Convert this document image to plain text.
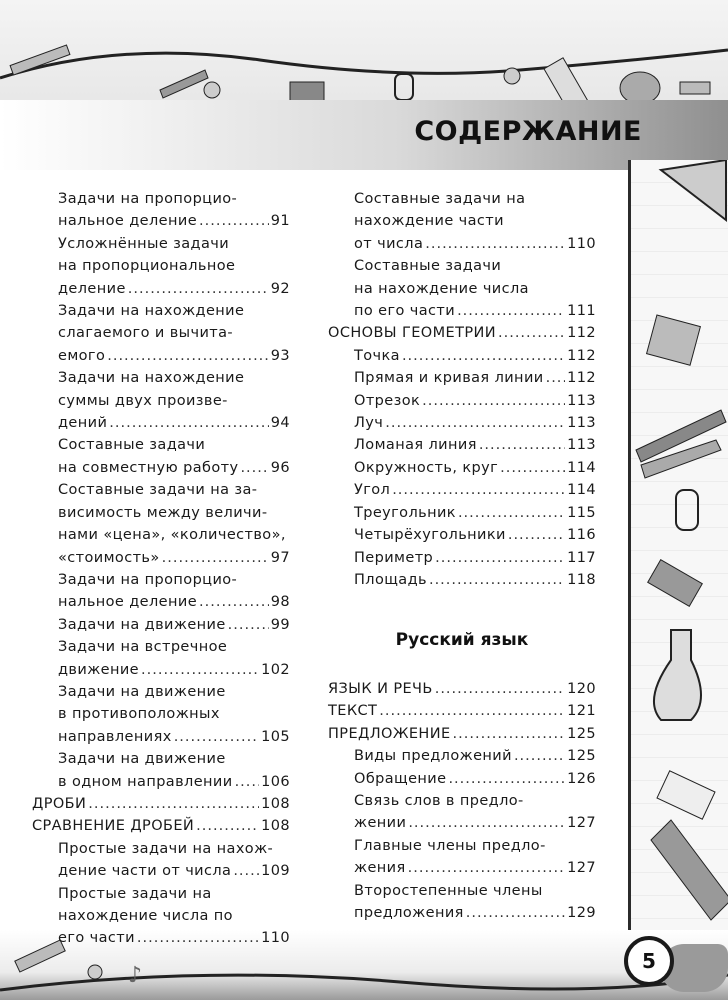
СОДЕРЖАНИЕ
♪
Задачи на пропорцио-
нальное деление .....	91
Усложнённые задачи
на пропорциональное
деление .....	92
Задачи на нахождение
слагаемого и вычита-
емого .....	93
Задачи на нахождение
суммы двух произве-
дений .....	94
Составные задачи
на совместную работу ..... 96
Составные задачи на за-
висимость между величи-
нами «цена», «количество»,
«стоимость» .....	97
Задачи на пропорцио-
нальное деление .....	98
Задачи на движение .....	99
Задачи на встречное
движение .....	102
Задачи на движение
в противоположных
направлениях .....	105
Задачи на движение
в одном направлении ..... 106
ДРОБИ .....	108
СРАВНЕНИЕ ДРОБЕЙ .....	108
Простые задачи на нахож-
дение части от числа ..... 109
Простые задачи на
нахождение числа по
его части .....	110
Составные задачи на
нахождение части
от числа .....	110
Составные задачи
на нахождение числа
по его части .....	111
ОСНОВЫ ГЕОМЕТРИИ .....	112
Точка .....	112
Прямая и кривая линии ..... 112
Отрезок .....	113
Луч .....	113
Ломаная линия .....	113
Окружность, круг .....	114
Угол .....	114
Треугольник .....	115
Четырёхугольники .....	116
Периметр .....	117
Площадь .....	118
Русский язык
ЯЗЫК И РЕЧЬ .....	120
ТЕКСТ .....	121
ПРЕДЛОЖЕНИЕ .....	125
Виды предложений .....	125
Обращение .....	126
Связь слов в предло-
жении .....	127
Главные члены предло-
жения .....	127
Второстепенные члены
предложения .....	129
5
